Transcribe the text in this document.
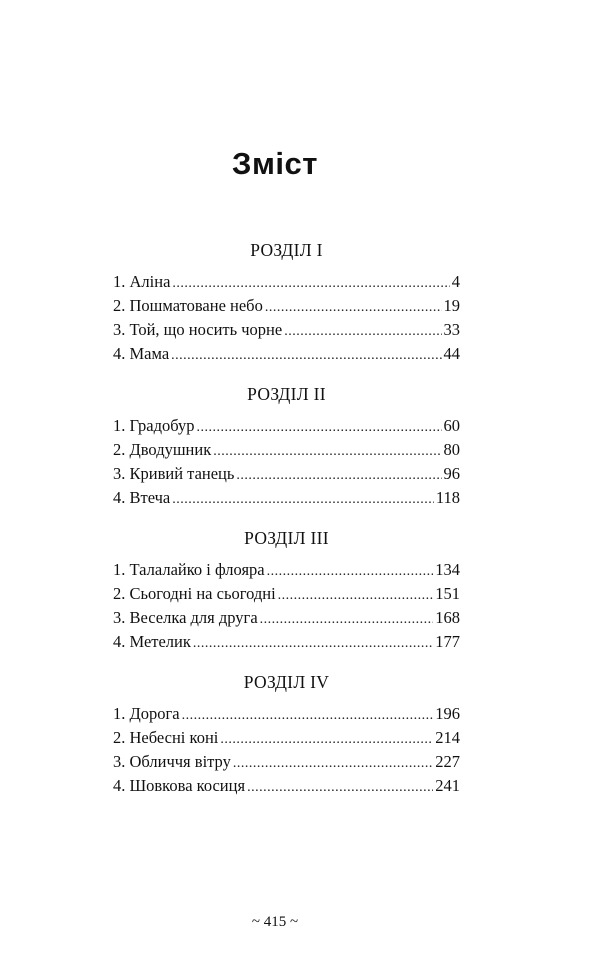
Зміст
РОЗДІЛ І
1. Аліна .....	4
2. Пошматоване небо .....	19
3. Той, що носить чорне .....	33
4. Мама .....	44
РОЗДІЛ ІІ
1. Градобур .....	60
2. Дводушник .....	80
3. Кривий танець .....	96
4. Втеча .....	118
РОЗДІЛ ІІІ
1. Талалайко і флояра .....	134
2. Сьогодні на сьогодні .....	151
3. Веселка для друга .....	168
4. Метелик .....	177
РОЗДІЛ IV
1. Дорога .....	196
2. Небесні коні .....	214
3. Обличчя вітру .....	227
4. Шовкова косиця .....	241
~ 415 ~
